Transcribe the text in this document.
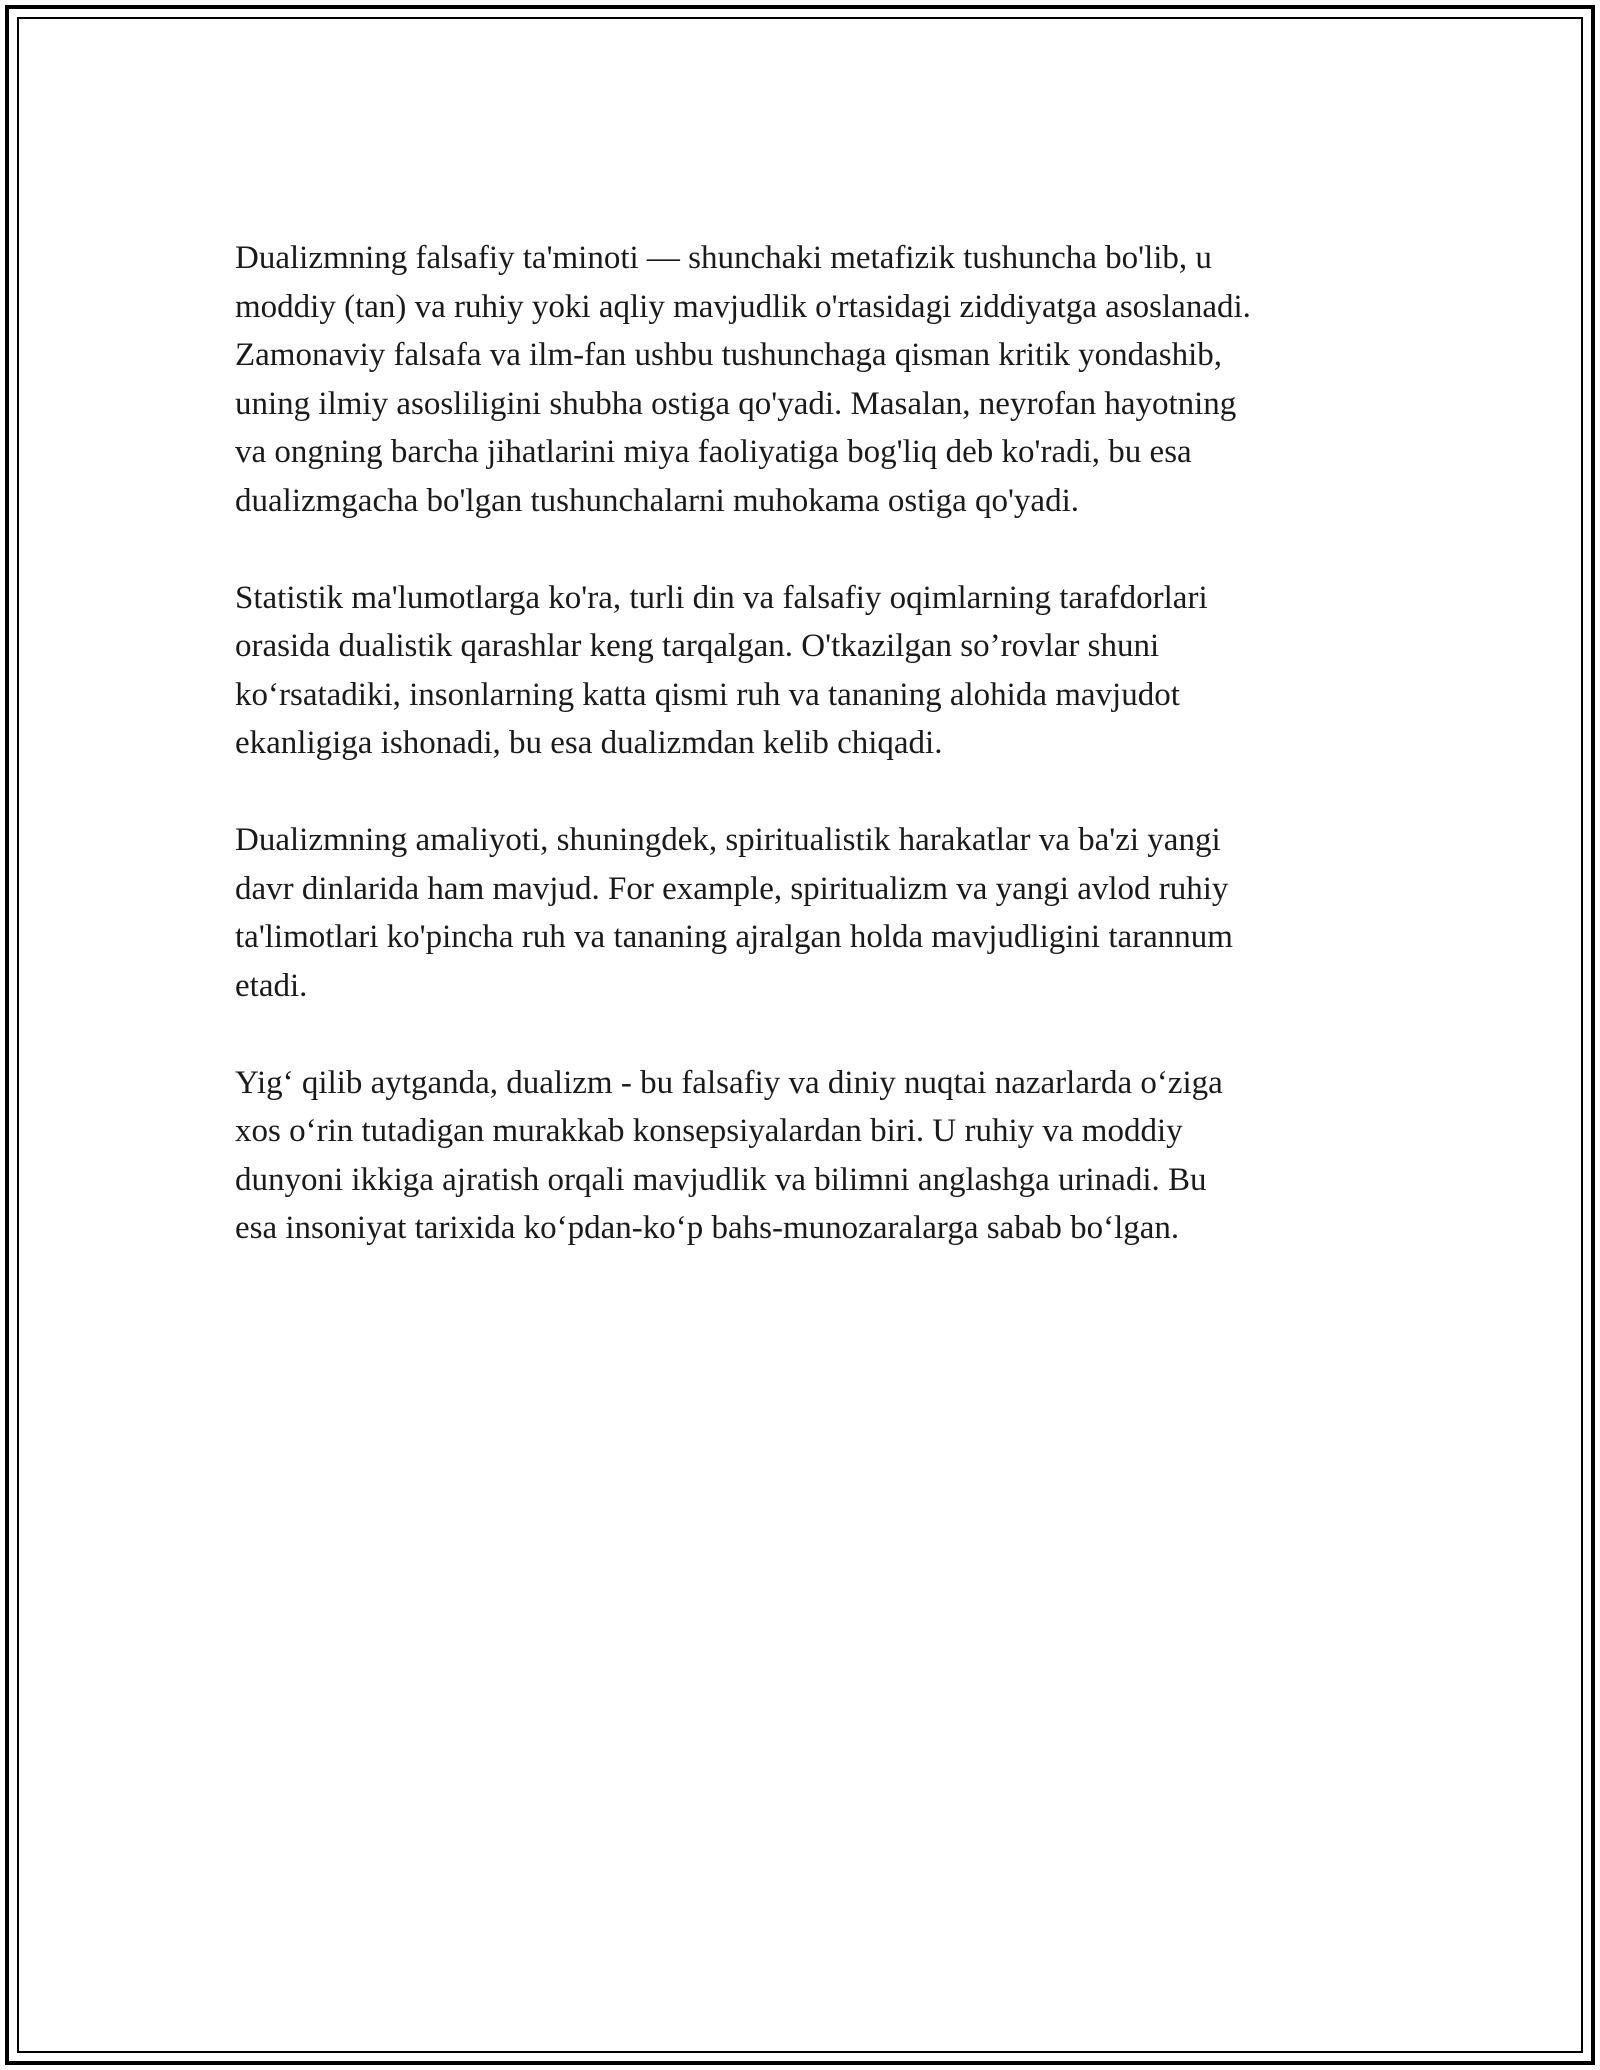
Dualizmning falsafiy ta'minoti — shunchaki metafizik tushuncha bo'lib, u
moddiy (tan) va ruhiy yoki aqliy mavjudlik o'rtasidagi ziddiyatga asoslanadi.
Zamonaviy falsafa va ilm-fan ushbu tushunchaga qisman kritik yondashib,
uning ilmiy asosliligini shubha ostiga qo'yadi. Masalan, neyrofan hayotning
va ongning barcha jihatlarini miya faoliyatiga bog'liq deb ko'radi, bu esa
dualizmgacha bo'lgan tushunchalarni muhokama ostiga qo'yadi.

Statistik ma'lumotlarga ko'ra, turli din va falsafiy oqimlarning tarafdorlari
orasida dualistik qarashlar keng tarqalgan. O'tkazilgan so’rovlar shuni
ko‘rsatadiki, insonlarning katta qismi ruh va tananing alohida mavjudot
ekanligiga ishonadi, bu esa dualizmdan kelib chiqadi.

Dualizmning amaliyoti, shuningdek, spiritualistik harakatlar va ba'zi yangi
davr dinlarida ham mavjud. For example, spiritualizm va yangi avlod ruhiy
ta'limotlari ko'pincha ruh va tananing ajralgan holda mavjudligini tarannum
etadi.

Yig‘ qilib aytganda, dualizm - bu falsafiy va diniy nuqtai nazarlarda o‘ziga
xos o‘rin tutadigan murakkab konsepsiyalardan biri. U ruhiy va moddiy
dunyoni ikkiga ajratish orqali mavjudlik va bilimni anglashga urinadi. Bu
esa insoniyat tarixida ko‘pdan-ko‘p bahs-munozaralarga sabab bo‘lgan.
